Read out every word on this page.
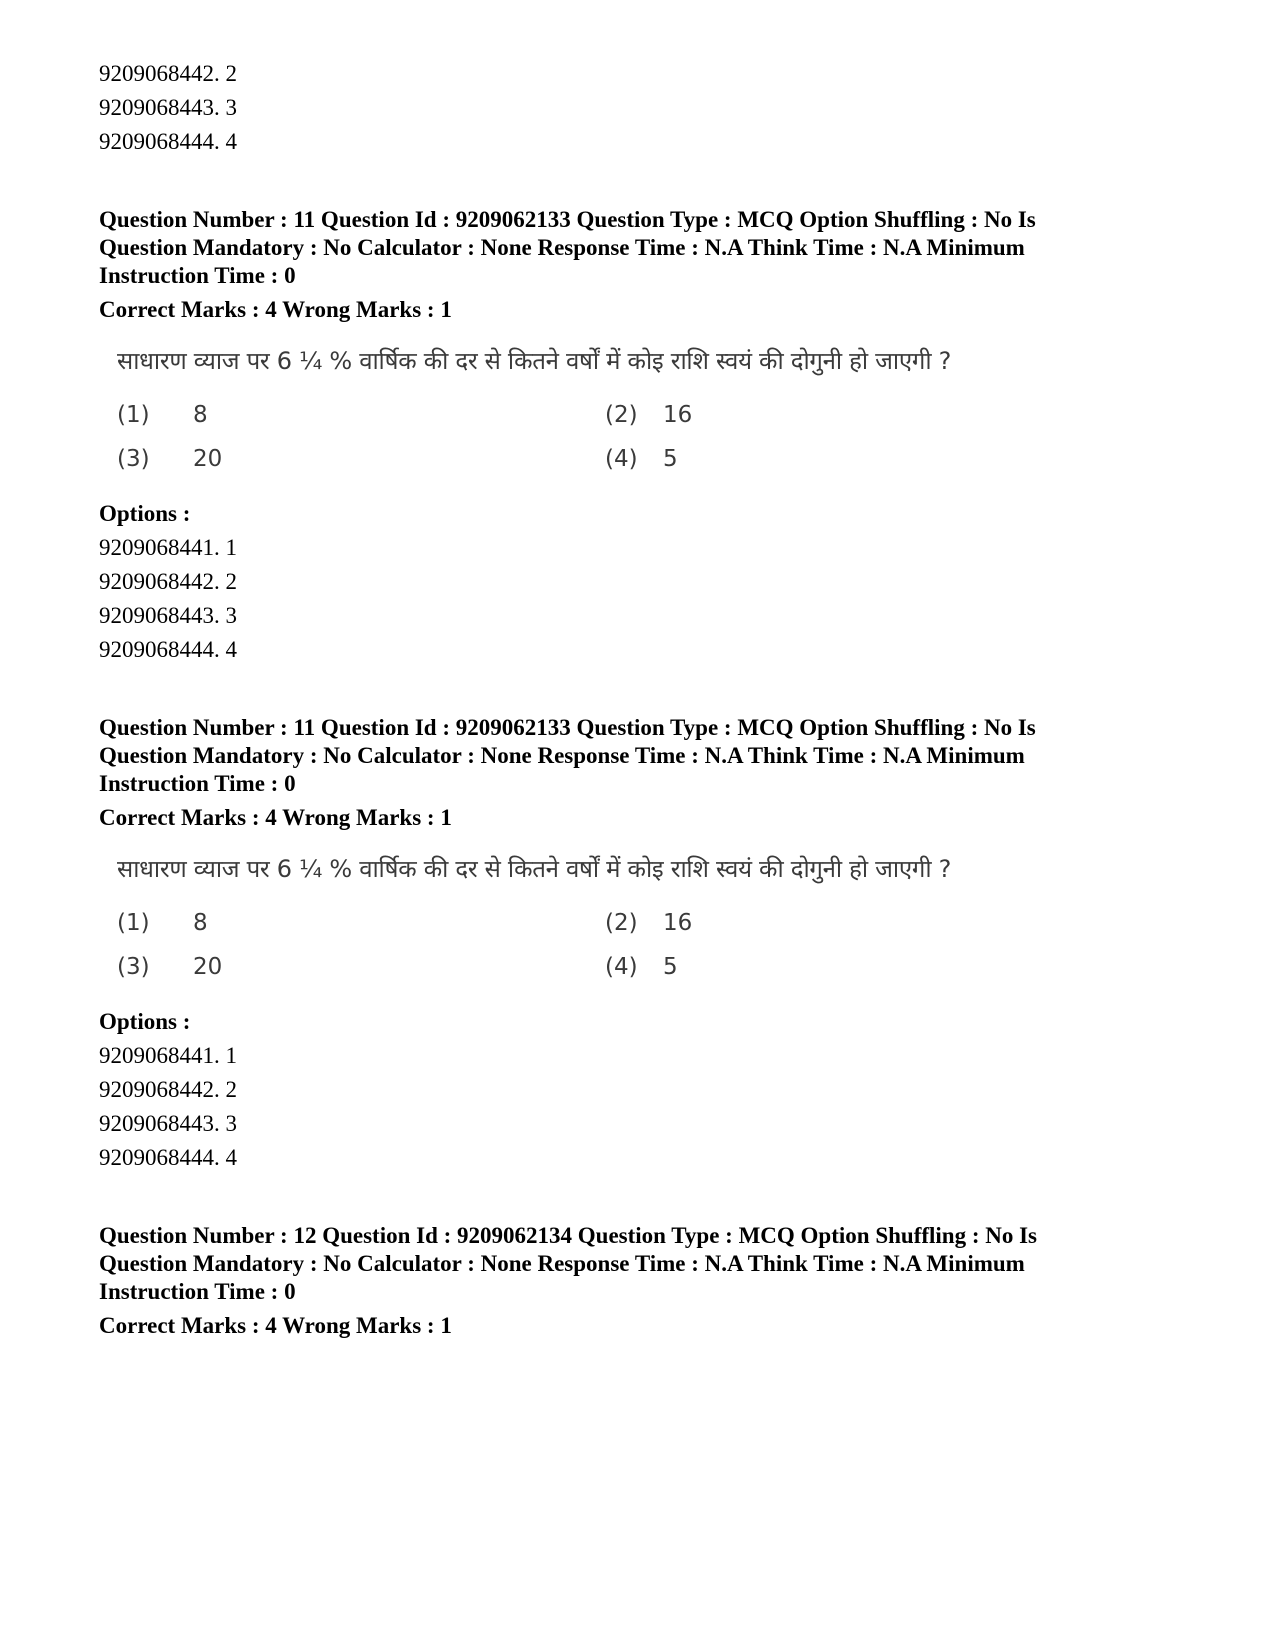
9209068442. 2
9209068443. 3
9209068444. 4
Question Number : 11 Question Id : 9209062133 Question Type : MCQ Option Shuffling : No Is
Question Mandatory : No Calculator : None Response Time : N.A Think Time : N.A Minimum
Instruction Time : 0
Correct Marks : 4 Wrong Marks : 1
साधारण व्याज पर 6 ¼ % वार्षिक की दर से कितने वर्षों में कोइ राशि स्वयं की दोगुनी हो जाएगी ?
(1) 8	(2) 16
(3) 20	(4) 5
Options :
9209068441. 1
9209068442. 2
9209068443. 3
9209068444. 4
Question Number : 11 Question Id : 9209062133 Question Type : MCQ Option Shuffling : No Is
Question Mandatory : No Calculator : None Response Time : N.A Think Time : N.A Minimum
Instruction Time : 0
Correct Marks : 4 Wrong Marks : 1
साधारण व्याज पर 6 ¼ % वार्षिक की दर से कितने वर्षों में कोइ राशि स्वयं की दोगुनी हो जाएगी ?
(1) 8	(2) 16
(3) 20	(4) 5
Options :
9209068441. 1
9209068442. 2
9209068443. 3
9209068444. 4
Question Number : 12 Question Id : 9209062134 Question Type : MCQ Option Shuffling : No Is
Question Mandatory : No Calculator : None Response Time : N.A Think Time : N.A Minimum
Instruction Time : 0
Correct Marks : 4 Wrong Marks : 1
